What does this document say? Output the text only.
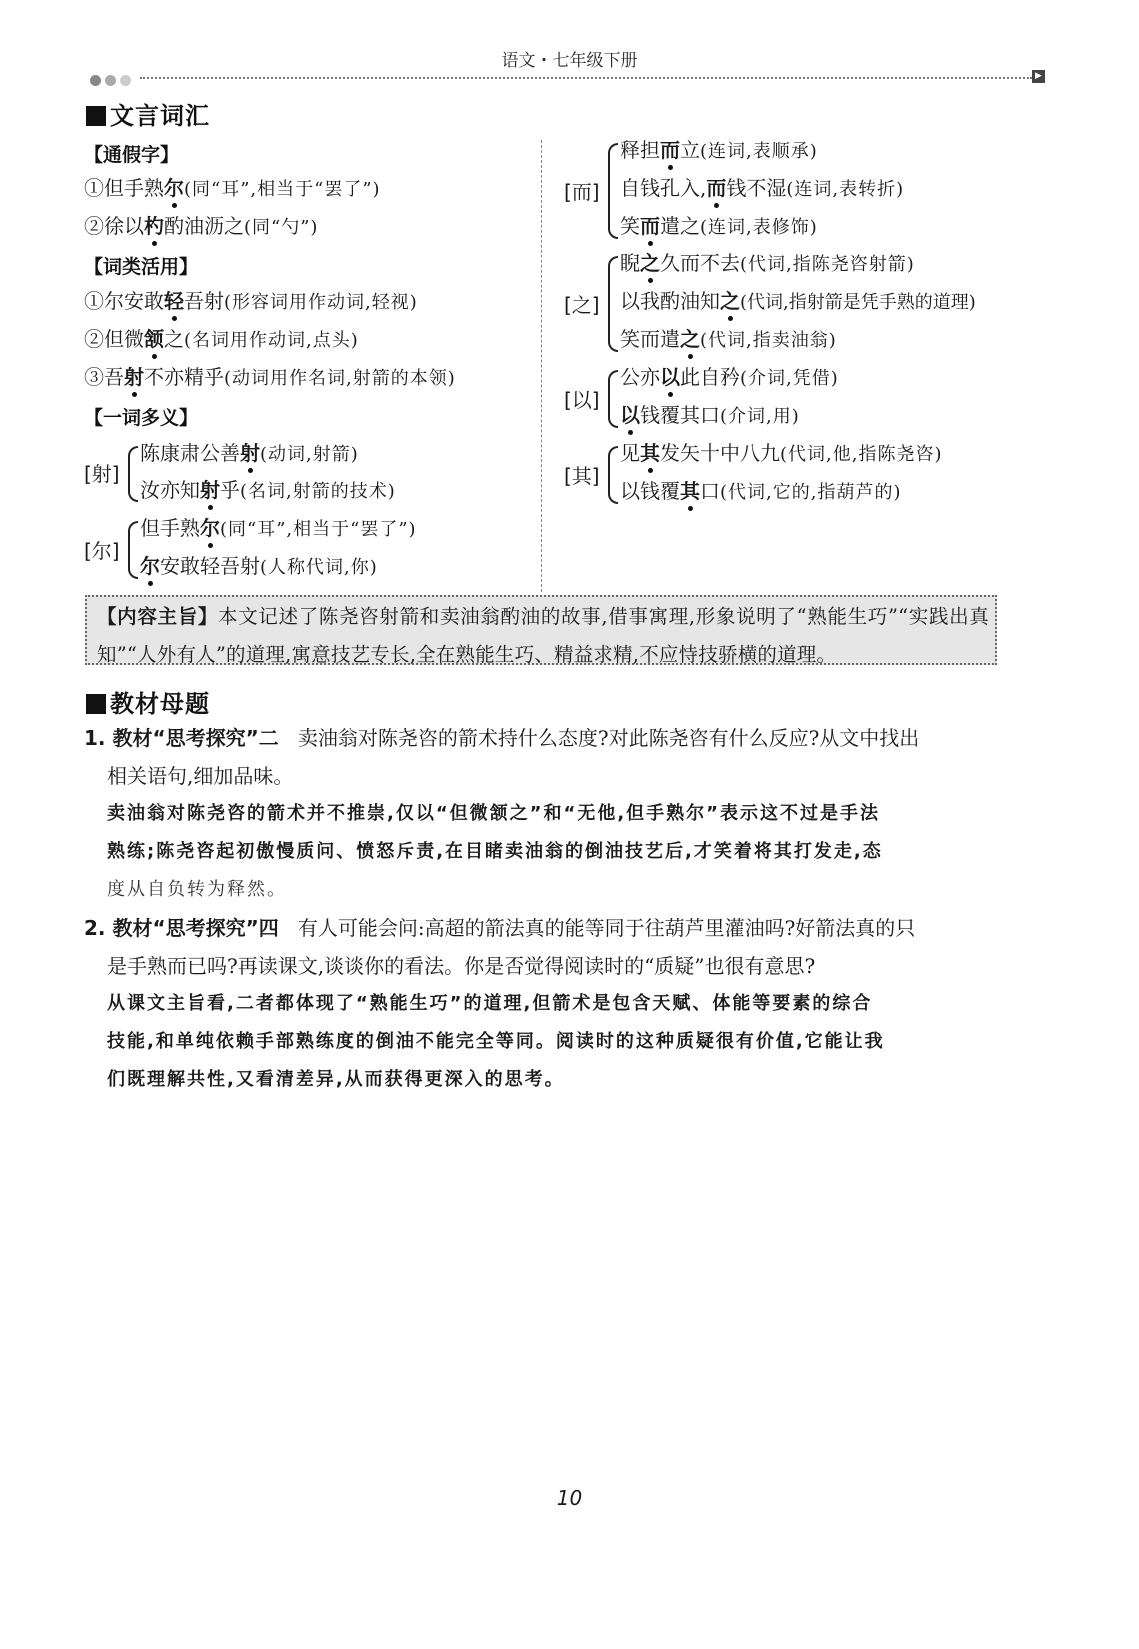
语文・七年级下册
▶
文言词汇
【通假字】
①但手熟尔(同“耳”,相当于“罢了”)
②徐以杓酌油沥之(同“勺”)
【词类活用】
①尔安敢轻吾射(形容词用作动词,轻视)
②但微颔之(名词用作动词,点头)
③吾射不亦精乎(动词用作名词,射箭的本领)
【一词多义】
[射]
陈康肃公善射(动词,射箭)
汝亦知射乎(名词,射箭的技术)
[尔]
但手熟尔(同“耳”,相当于“罢了”)
尔安敢轻吾射(人称代词,你)
[而]
释担而立(连词,表顺承)
自钱孔入,而钱不湿(连词,表转折)
笑而遣之(连词,表修饰)
[之]
睨之久而不去(代词,指陈尧咨射箭)
以我酌油知之(代词,指射箭是凭手熟的道理)
笑而遣之(代词,指卖油翁)
[以]
公亦以此自矜(介词,凭借)
以钱覆其口(介词,用)
[其]
见其发矢十中八九(代词,他,指陈尧咨)
以钱覆其口(代词,它的,指葫芦的)
【内容主旨】本文记述了陈尧咨射箭和卖油翁酌油的故事,借事寓理,形象说明了“熟能生巧”“实践出真知”“人外有人”的道理,寓意技艺专长,全在熟能生巧、精益求精,不应恃技骄横的道理。
教材母题
1. 教材“思考探究”二 卖油翁对陈尧咨的箭术持什么态度?对此陈尧咨有什么反应?从文中找出
相关语句,细加品味。
卖油翁对陈尧咨的箭术并不推崇,仅以“但微颔之”和“无他,但手熟尔”表示这不过是手法
熟练;陈尧咨起初傲慢质问、愤怒斥责,在目睹卖油翁的倒油技艺后,才笑着将其打发走,态
度从自负转为释然。
2. 教材“思考探究”四 有人可能会问:高超的箭法真的能等同于往葫芦里灌油吗?好箭法真的只
是手熟而已吗?再读课文,谈谈你的看法。你是否觉得阅读时的“质疑”也很有意思?
从课文主旨看,二者都体现了“熟能生巧”的道理,但箭术是包含天赋、体能等要素的综合
技能,和单纯依赖手部熟练度的倒油不能完全等同。阅读时的这种质疑很有价值,它能让我
们既理解共性,又看清差异,从而获得更深入的思考。
10
